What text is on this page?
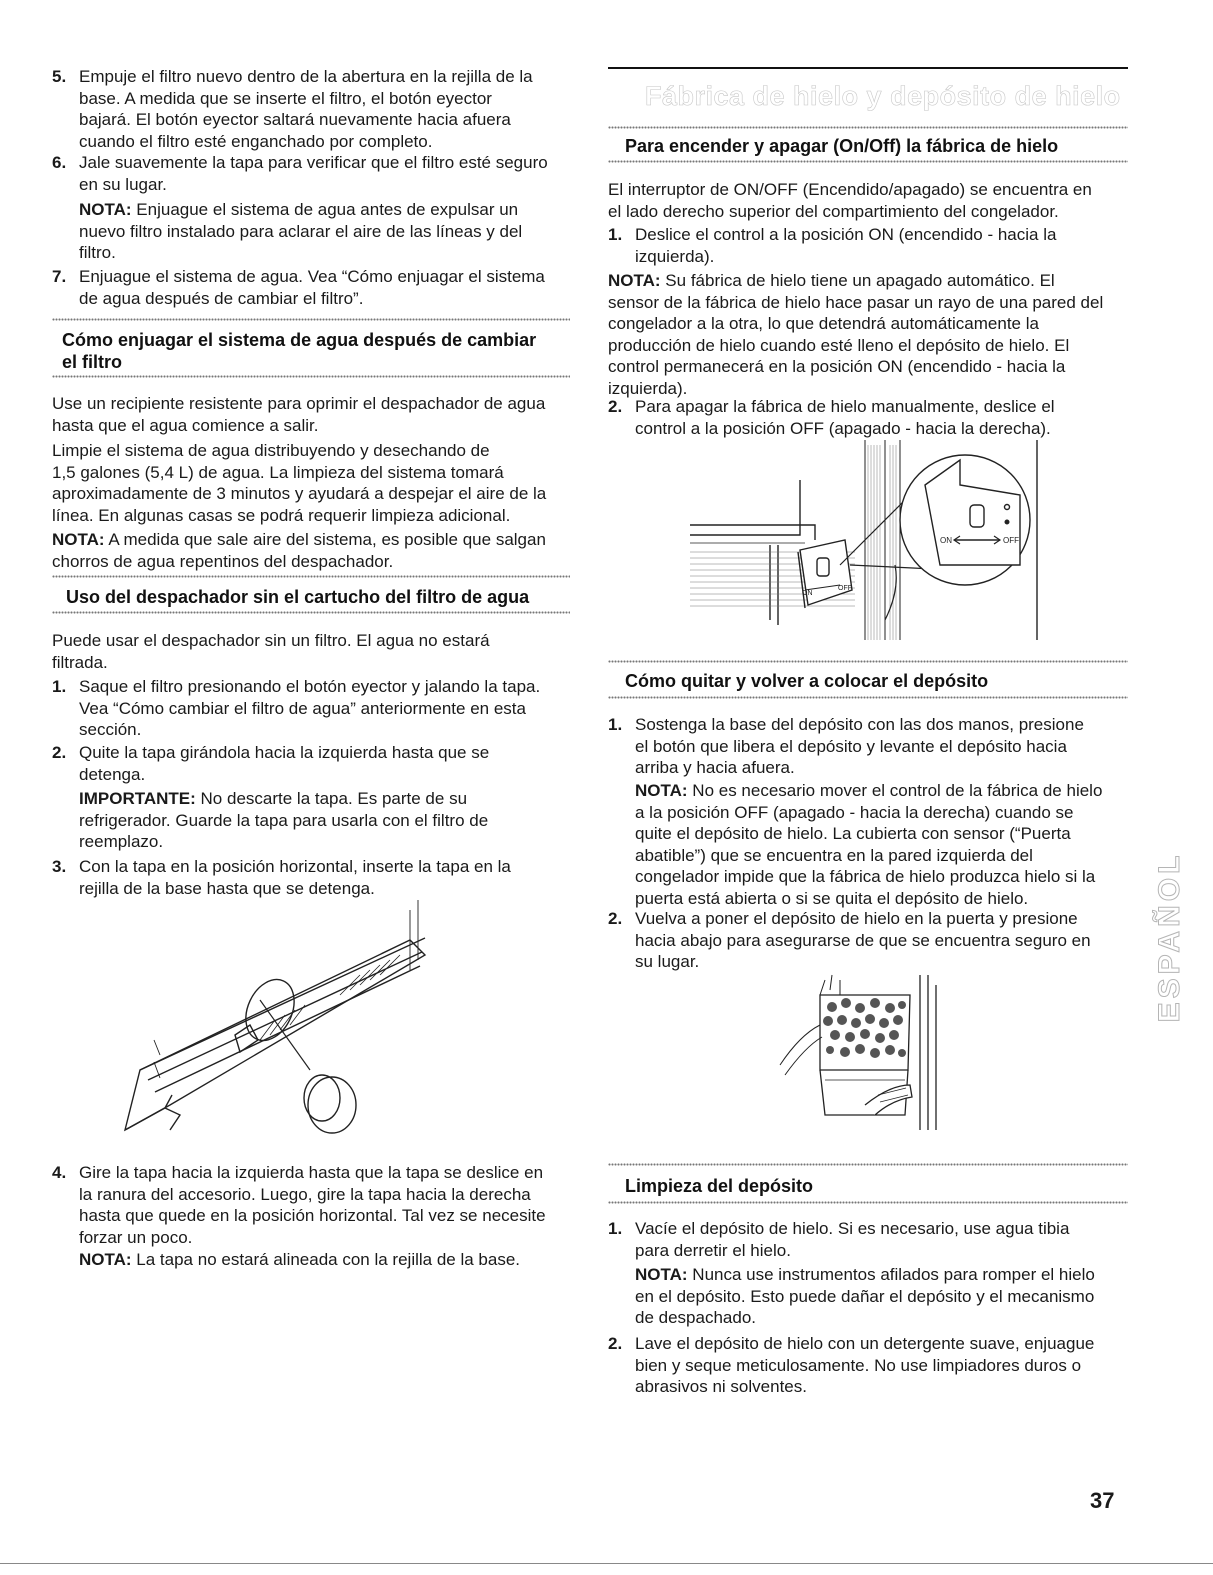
5. Empuje el filtro nuevo dentro de la abertura en la rejilla de la

base. A medida que se inserte el filtro, el botón eyector

bajará. El botón eyector saltará nuevamente hacia afuera

cuando el filtro esté enganchado por completo.

6. Jale suavemente la tapa para verificar que el filtro esté seguro

en su lugar.

NOTA: Enjuague el sistema de agua antes de expulsar un

nuevo filtro instalado para aclarar el aire de las líneas y del

filtro.

7. Enjuague el sistema de agua. Vea “Cómo enjuagar el sistema

de agua después de cambiar el filtro”.

Cómo enjuagar el sistema de agua después de cambiar

el filtro

Use un recipiente resistente para oprimir el despachador de agua

hasta que el agua comience a salir.

Limpie el sistema de agua distribuyendo y desechando de

1,5 galones (5,4 L) de agua. La limpieza del sistema tomará

aproximadamente de 3 minutos y ayudará a despejar el aire de la

línea. En algunas casas se podrá requerir limpieza adicional.

NOTA: A medida que sale aire del sistema, es posible que salgan

chorros de agua repentinos del despachador.

Uso del despachador sin el cartucho del filtro de agua

Puede usar el despachador sin un filtro. El agua no estará

filtrada.

1. Saque el filtro presionando el botón eyector y jalando la tapa.

Vea “Cómo cambiar el filtro de agua” anteriormente en esta

sección.

2. Quite la tapa girándola hacia la izquierda hasta que se

detenga.

IMPORTANTE: No descarte la tapa. Es parte de su

refrigerador. Guarde la tapa para usarla con el filtro de

reemplazo.

3. Con la tapa en la posición horizontal, inserte la tapa en la

rejilla de la base hasta que se detenga.

4. Gire la tapa hacia la izquierda hasta que la tapa se deslice en

la ranura del accesorio. Luego, gire la tapa hacia la derecha

hasta que quede en la posición horizontal. Tal vez se necesite

forzar un poco.

NOTA: La tapa no estará alineada con la rejilla de la base.

Fábrica de hielo y depósito de hielo
Para encender y apagar (On/Off) la fábrica de hielo

El interruptor de ON/OFF (Encendido/apagado) se encuentra en

el lado derecho superior del compartimiento del congelador.

1. Deslice el control a la posición ON (encendido - hacia la

izquierda).

NOTA: Su fábrica de hielo tiene un apagado automático. El

sensor de la fábrica de hielo hace pasar un rayo de una pared del

congelador a la otra, lo que detendrá automáticamente la

producción de hielo cuando esté lleno el depósito de hielo. El

control permanecerá en la posición ON (encendido - hacia la

izquierda).

2. Para apagar la fábrica de hielo manualmente, deslice el

control a la posición OFF (apagado - hacia la derecha).

ON
OFF
ON	OFF
Cómo quitar y volver a colocar el depósito
1. Sostenga la base del depósito con las dos manos, presione

el botón que libera el depósito y levante el depósito hacia

arriba y hacia afuera.

NOTA: No es necesario mover el control de la fábrica de hielo

a la posición OFF (apagado - hacia la derecha) cuando se

quite el depósito de hielo. La cubierta con sensor (“Puerta

abatible”) que se encuentra en la pared izquierda del

congelador impide que la fábrica de hielo produzca hielo si la

puerta está abierta o si se quita el depósito de hielo.

2. Vuelva a poner el depósito de hielo en la puerta y presione

hacia abajo para asegurarse de que se encuentra seguro en

su lugar.

Limpieza del depósito
1. Vacíe el depósito de hielo. Si es necesario, use agua tibia

para derretir el hielo.

NOTA: Nunca use instrumentos afilados para romper el hielo

en el depósito. Esto puede dañar el depósito y el mecanismo

de despachado.

2. Lave el depósito de hielo con un detergente suave, enjuague

bien y seque meticulosamente. No use limpiadores duros o

abrasivos ni solventes.

ESPAÑOL
37
